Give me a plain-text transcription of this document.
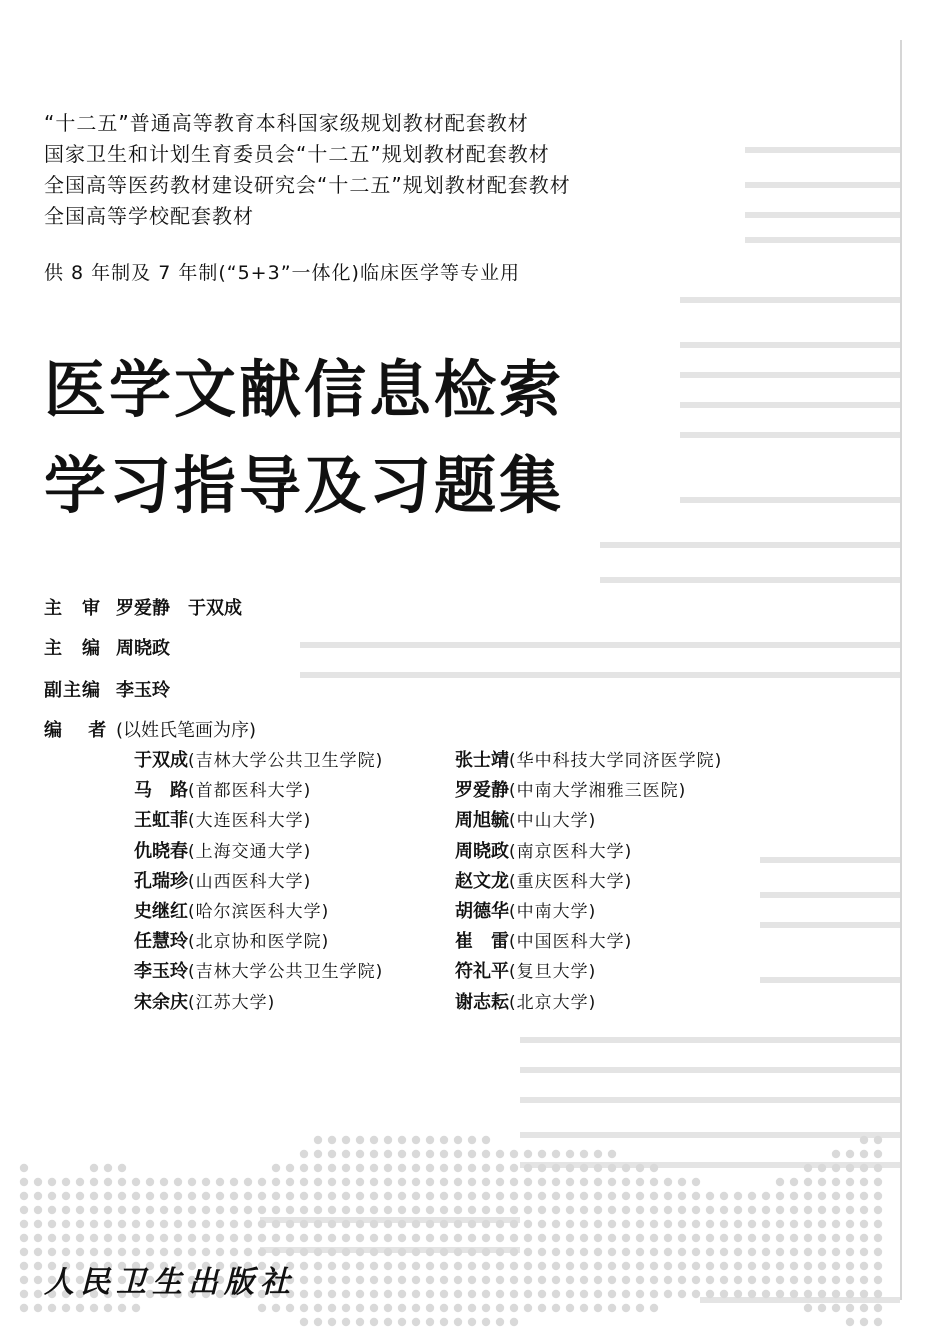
“十二五”普通高等教育本科国家级规划教材配套教材
国家卫生和计划生育委员会“十二五”规划教材配套教材
全国高等医药教材建设研究会“十二五”规划教材配套教材
全国高等学校配套教材
供 8 年制及 7 年制(“5+3”一体化)临床医学等专业用
医学文献信息检索
学习指导及习题集
主　审 罗爱静　于双成
主　编 周晓政
副主编 李玉玲
编 者(以姓氏笔画为序)
于双成(吉林大学公共卫生学院)
马　路(首都医科大学)
王虹菲(大连医科大学)
仇晓春(上海交通大学)
孔瑞珍(山西医科大学)
史继红(哈尔滨医科大学)
任慧玲(北京协和医学院)
李玉玲(吉林大学公共卫生学院)
宋余庆(江苏大学)
张士靖(华中科技大学同济医学院)
罗爱静(中南大学湘雅三医院)
周旭毓(中山大学)
周晓政(南京医科大学)
赵文龙(重庆医科大学)
胡德华(中南大学)
崔　雷(中国医科大学)
符礼平(复旦大学)
谢志耘(北京大学)
人民卫生出版社
